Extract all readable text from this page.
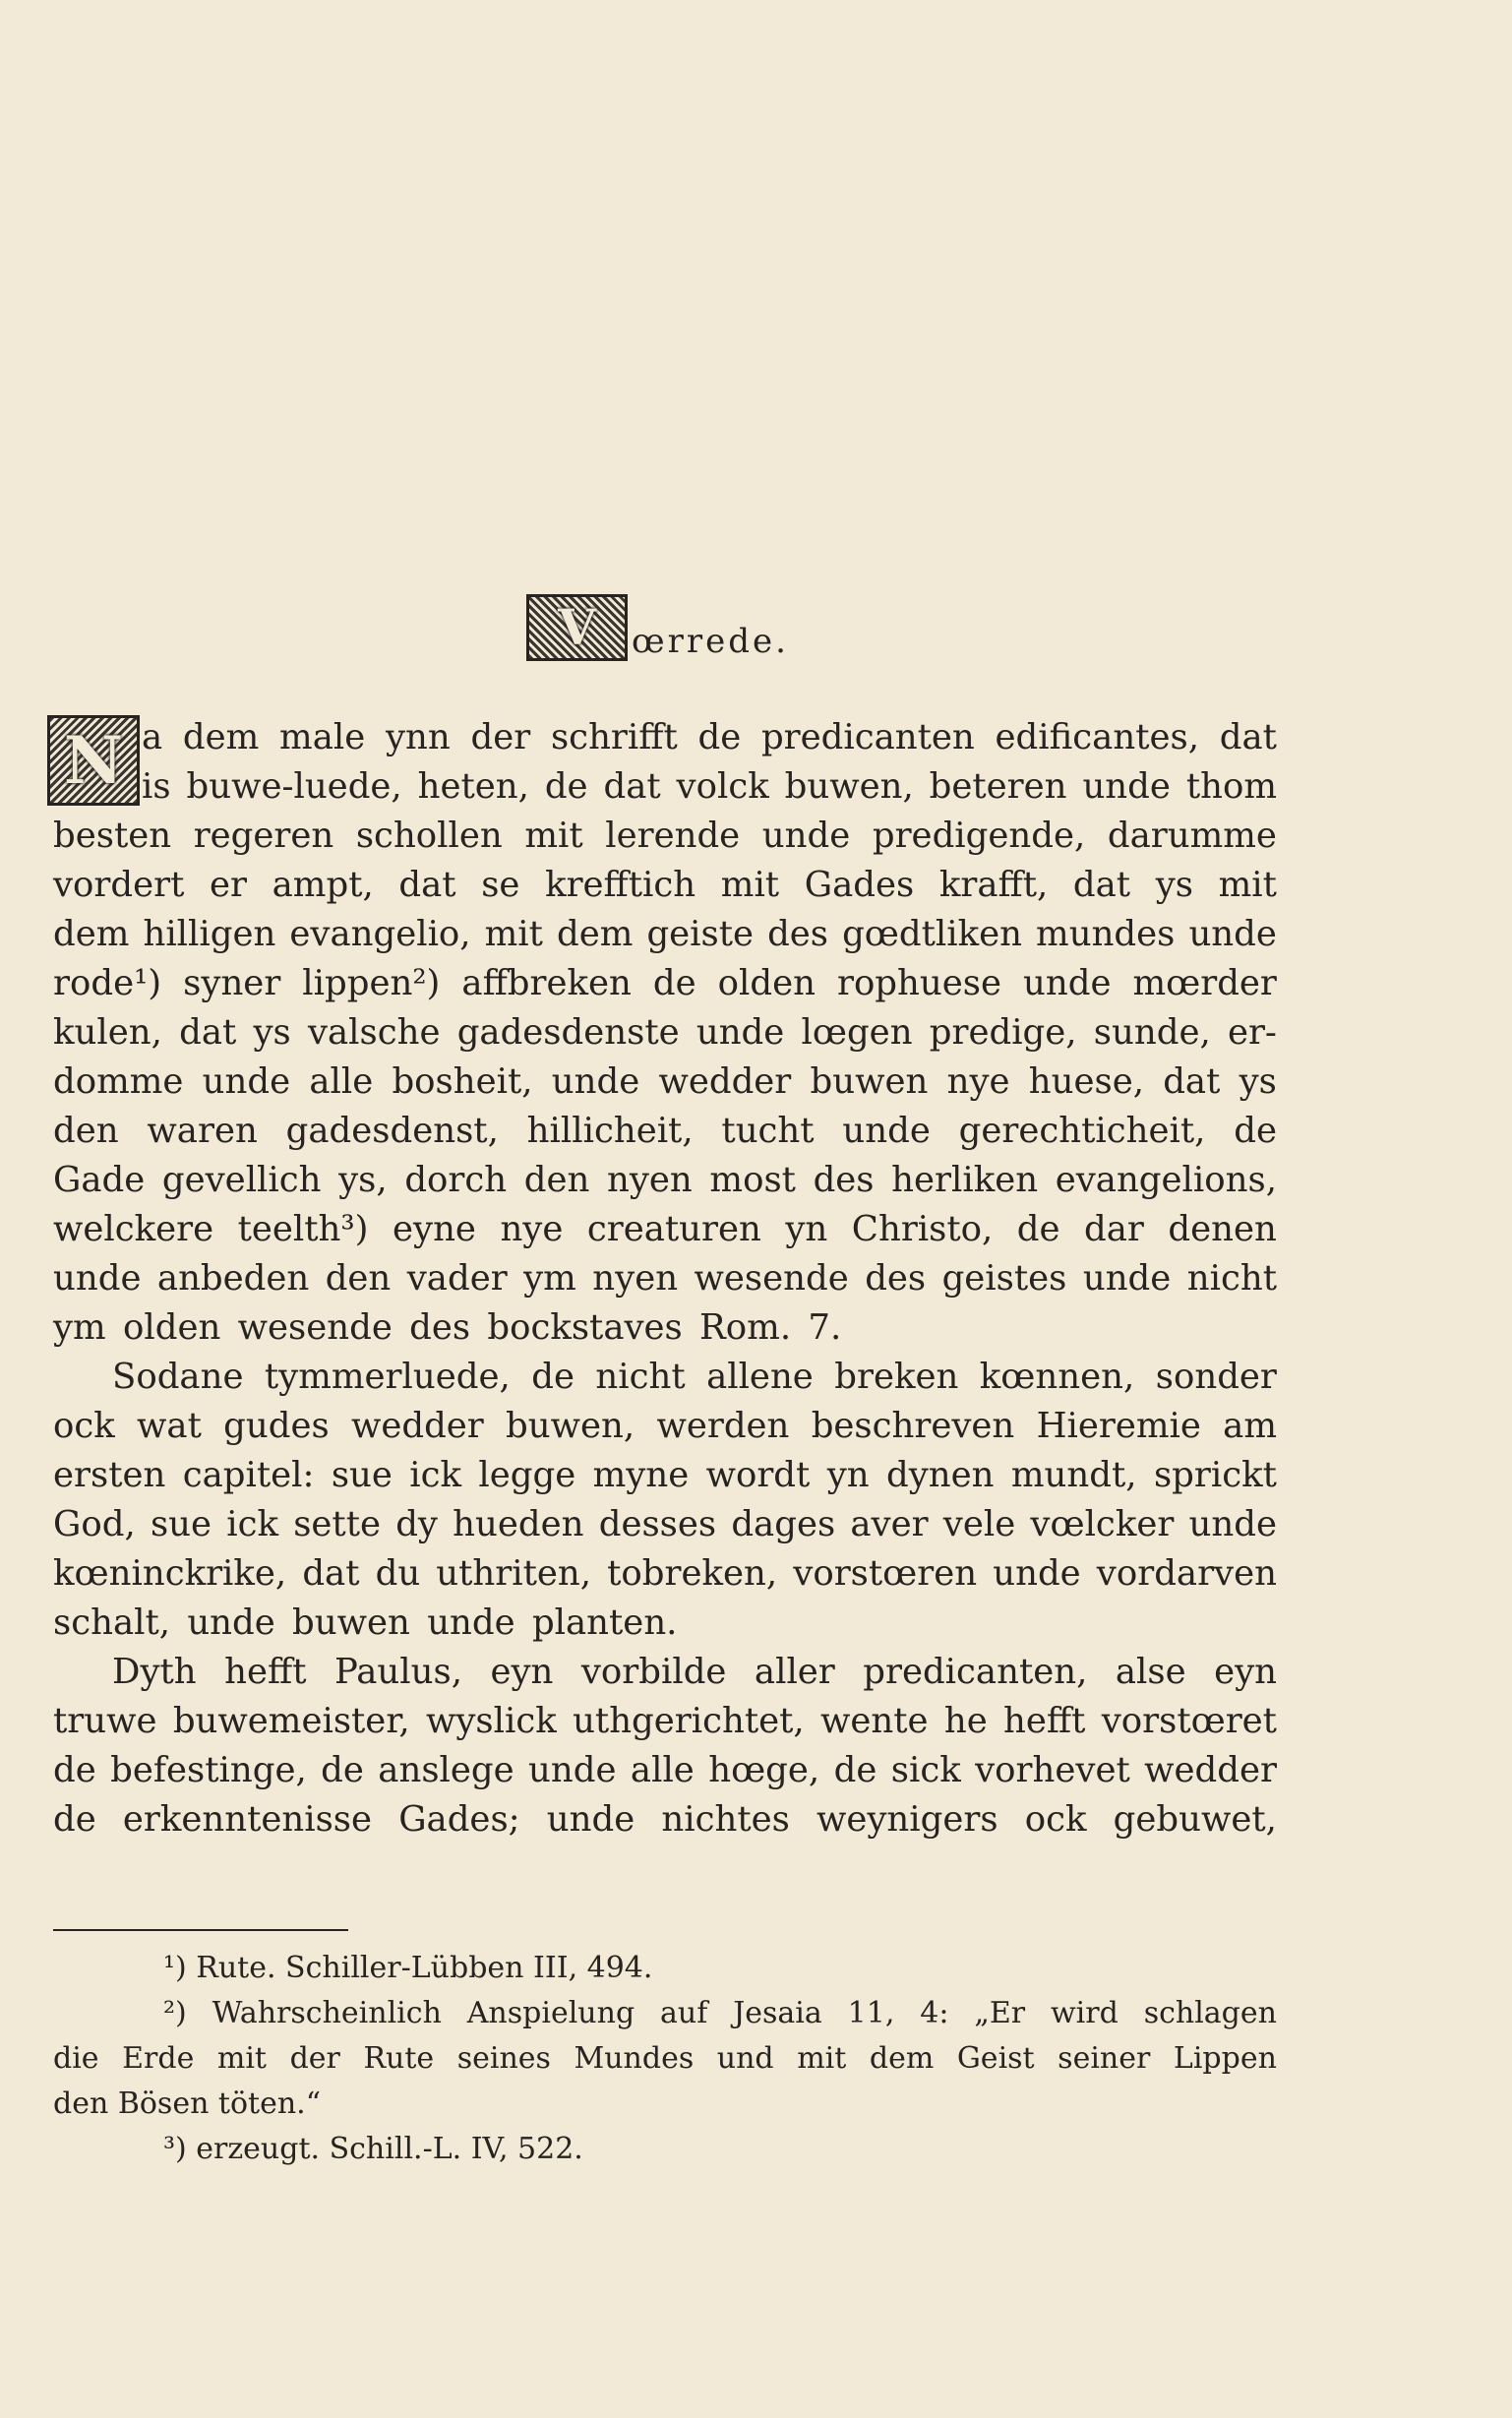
V	œrrede.
N a dem male ynn der schrifft de predicanten edificantes, dat
is buwe-luede, heten, de dat volck buwen, beteren unde thom
besten regeren schollen mit lerende unde predigende, darumme
vordert er ampt, dat se krefftich mit Gades krafft, dat ys mit
dem hilligen evangelio, mit dem geiste des gœdtliken mundes unde
rode¹) syner lippen²) affbreken de olden rophuese unde mœrder
kulen, dat ys valsche gadesdenste unde lœgen predige, sunde, er-
domme unde alle bosheit, unde wedder buwen nye huese, dat ys
den waren gadesdenst, hillicheit, tucht unde gerechticheit, de
Gade gevellich ys, dorch den nyen most des herliken evangelions,
welckere teelth³) eyne nye creaturen yn Christo, de dar denen
unde anbeden den vader ym nyen wesende des geistes unde nicht
ym olden wesende des bockstaves Rom. 7.
Sodane tymmerluede, de nicht allene breken kœnnen, sonder
ock wat gudes wedder buwen, werden beschreven Hieremie am
ersten capitel: sue ick legge myne wordt yn dynen mundt, sprickt
God, sue ick sette dy hueden desses dages aver vele vœlcker unde
kœninckrike, dat du uthriten, tobreken, vorstœren unde vordarven
schalt, unde buwen unde planten.
Dyth hefft Paulus, eyn vorbilde aller predicanten, alse eyn
truwe buwemeister, wyslick uthgerichtet, wente he hefft vorstœret
de befestinge, de anslege unde alle hœge, de sick vorhevet wedder
de erkenntenisse Gades; unde nichtes weynigers ock gebuwet,
¹) Rute. Schiller-Lübben III, 494.
²) Wahrscheinlich Anspielung auf Jesaia 11, 4: „Er wird schlagen
die Erde mit der Rute seines Mundes und mit dem Geist seiner Lippen
den Bösen töten.“
³) erzeugt. Schill.-L. IV, 522.
